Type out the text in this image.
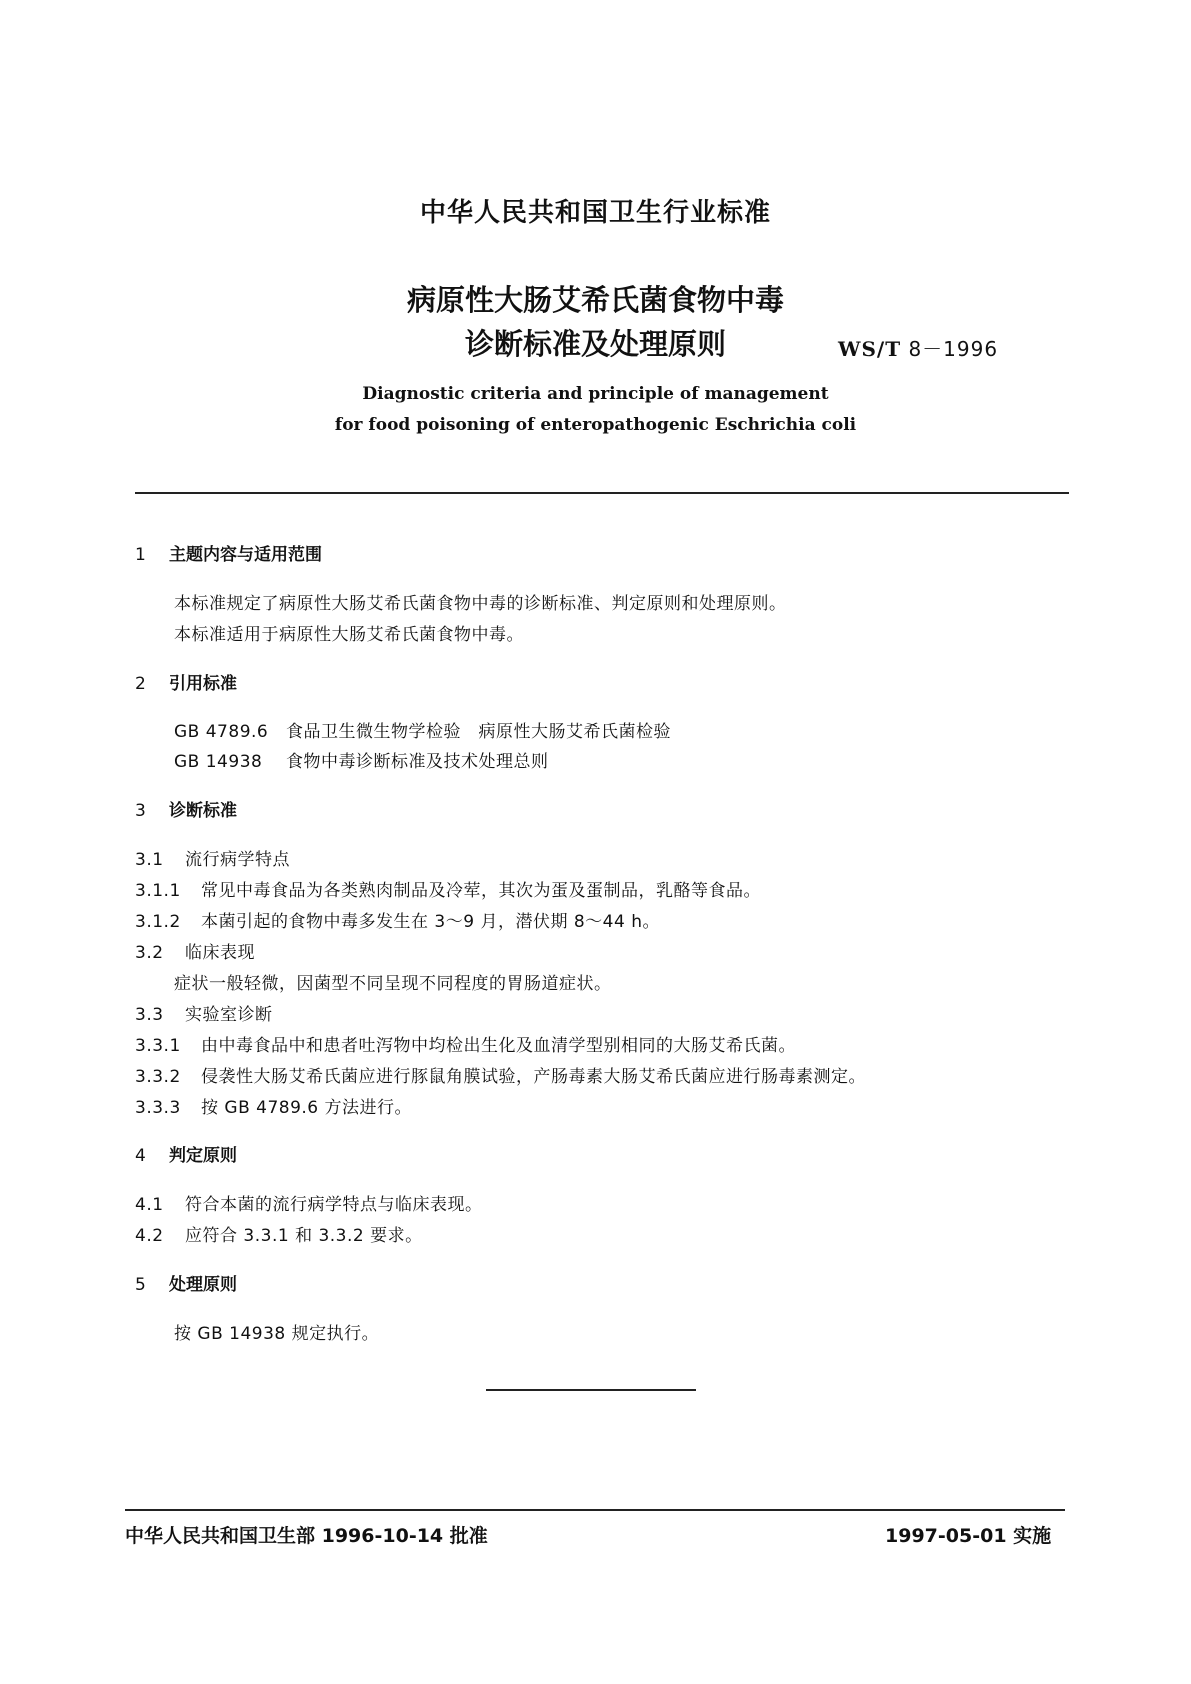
中华人民共和国卫生行业标准
病原性大肠艾希氏菌食物中毒
诊断标准及处理原则	WS/T 8－1996
Diagnostic criteria and principle of management
for food poisoning of enteropathogenic Eschrichia coli
1 主题内容与适用范围
本标准规定了病原性大肠艾希氏菌食物中毒的诊断标准、判定原则和处理原则。
本标准适用于病原性大肠艾希氏菌食物中毒。
2 引用标准
GB 4789.6 食品卫生微生物学检验　病原性大肠艾希氏菌检验
GB 14938 食物中毒诊断标准及技术处理总则
3 诊断标准
3.1 流行病学特点
3.1.1 常见中毒食品为各类熟肉制品及冷荤，其次为蛋及蛋制品，乳酪等食品。
3.1.2 本菌引起的食物中毒多发生在 3～9 月，潜伏期 8～44 h。
3.2 临床表现
症状一般轻微，因菌型不同呈现不同程度的胃肠道症状。
3.3 实验室诊断
3.3.1 由中毒食品中和患者吐泻物中均检出生化及血清学型别相同的大肠艾希氏菌。
3.3.2 侵袭性大肠艾希氏菌应进行豚鼠角膜试验，产肠毒素大肠艾希氏菌应进行肠毒素测定。
3.3.3 按 GB 4789.6 方法进行。
4 判定原则
4.1 符合本菌的流行病学特点与临床表现。
4.2 应符合 3.3.1 和 3.3.2 要求。
5 处理原则
按 GB 14938 规定执行。
中华人民共和国卫生部 1996-10-14 批准	1997-05-01 实施
